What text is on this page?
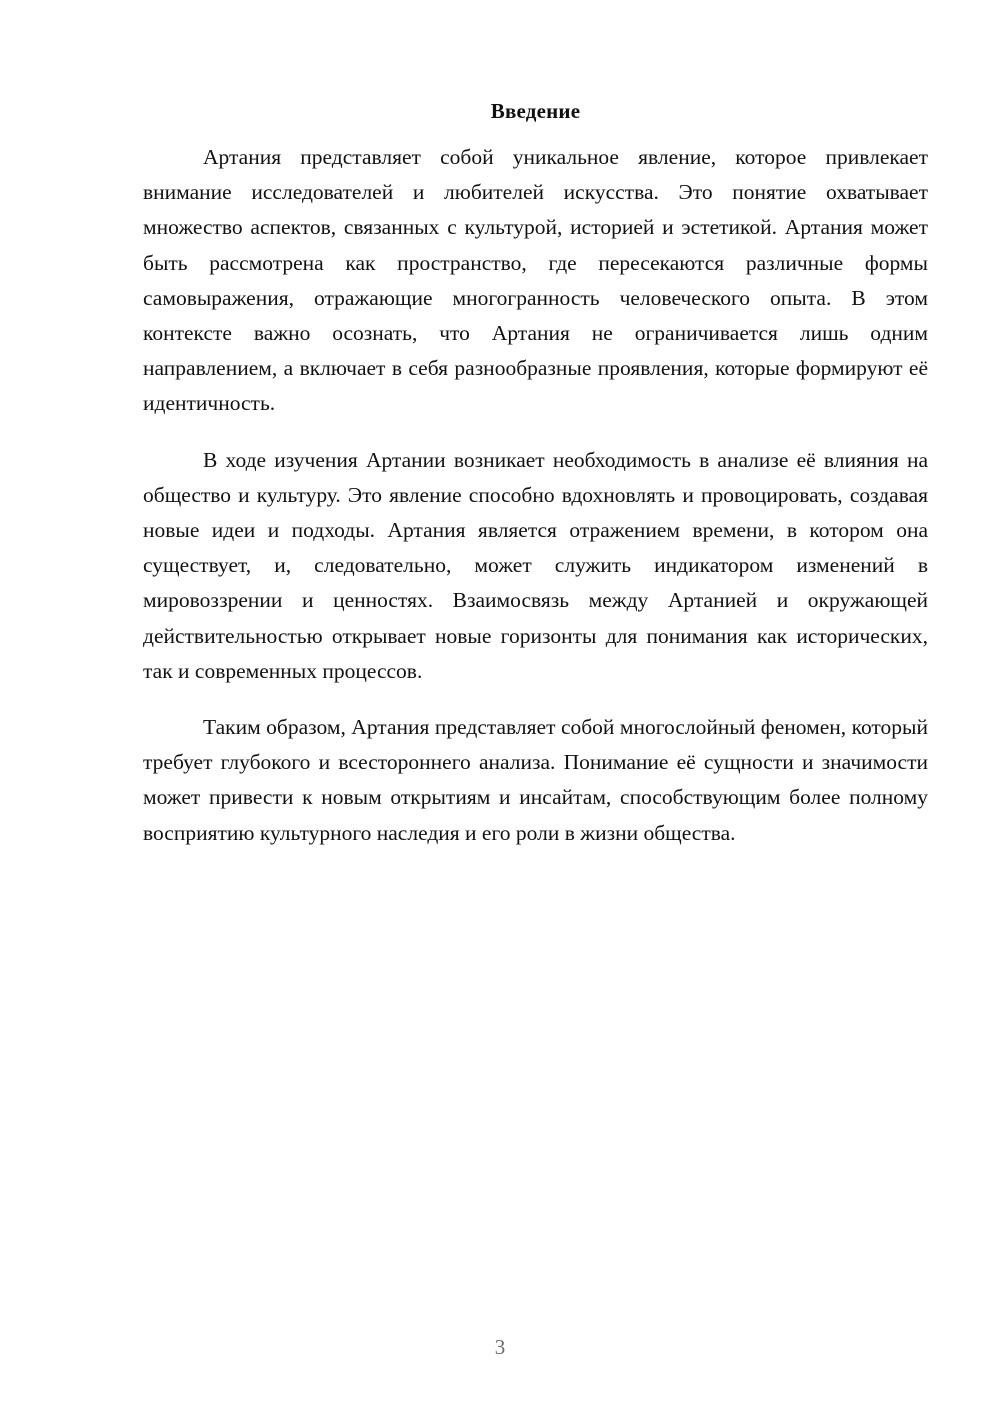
Введение

Артания представляет собой уникальное явление, которое привлекает внимание исследователей и любителей искусства. Это понятие охватывает множество аспектов, связанных с культурой, историей и эстетикой. Артания может быть рассмотрена как пространство, где пересекаются различные формы самовыражения, отражающие многогранность человеческого опыта. В этом контексте важно осознать, что Артания не ограничивается лишь одним направлением, а включает в себя разнообразные проявления, которые формируют её идентичность.

В ходе изучения Артании возникает необходимость в анализе её влияния на общество и культуру. Это явление способно вдохновлять и провоцировать, создавая новые идеи и подходы. Артания является отражением времени, в котором она существует, и, следовательно, может служить индикатором изменений в мировоззрении и ценностях. Взаимосвязь между Артанией и окружающей действительностью открывает новые горизонты для понимания как исторических, так и современных процессов.

Таким образом, Артания представляет собой многослойный феномен, который требует глубокого и всестороннего анализа. Понимание её сущности и значимости может привести к новым открытиям и инсайтам, способствующим более полному восприятию культурного наследия и его роли в жизни общества.

3
